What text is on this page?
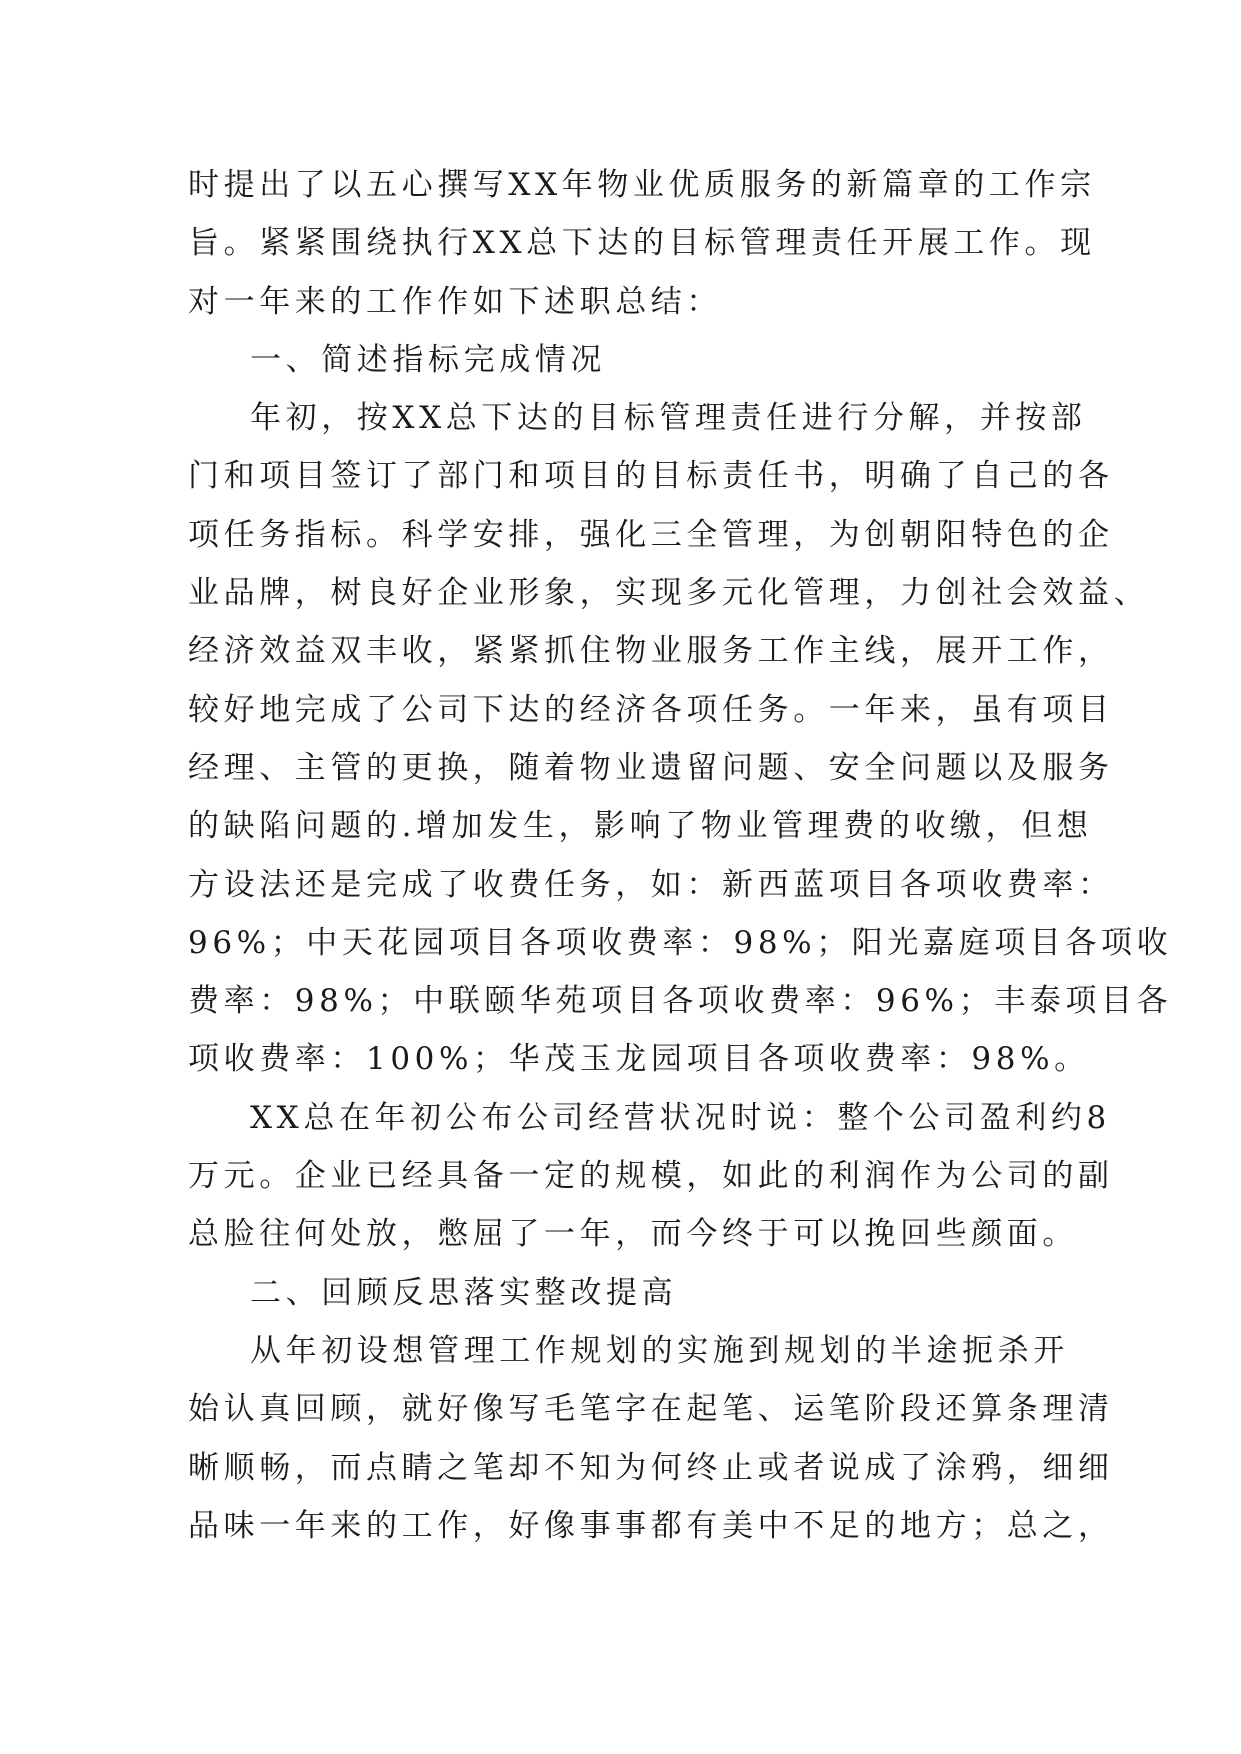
时提出了以五心撰写XX年物业优质服务的新篇章的工作宗
旨。紧紧围绕执行XX总下达的目标管理责任开展工作。现
对一年来的工作作如下述职总结：
一、简述指标完成情况
年初，按XX总下达的目标管理责任进行分解，并按部
门和项目签订了部门和项目的目标责任书，明确了自己的各
项任务指标。科学安排，强化三全管理，为创朝阳特色的企
业品牌，树良好企业形象，实现多元化管理，力创社会效益、
经济效益双丰收，紧紧抓住物业服务工作主线，展开工作，
较好地完成了公司下达的经济各项任务。一年来，虽有项目
经理、主管的更换，随着物业遗留问题、安全问题以及服务
的缺陷问题的.增加发生，影响了物业管理费的收缴，但想
方设法还是完成了收费任务，如：新西蓝项目各项收费率：
96%；中天花园项目各项收费率：98%；阳光嘉庭项目各项收
费率：98%；中联颐华苑项目各项收费率：96%；丰泰项目各
项收费率：100%；华茂玉龙园项目各项收费率：98%。
XX总在年初公布公司经营状况时说：整个公司盈利约8
万元。企业已经具备一定的规模，如此的利润作为公司的副
总脸往何处放，憋屈了一年，而今终于可以挽回些颜面。
二、回顾反思落实整改提高
从年初设想管理工作规划的实施到规划的半途扼杀开
始认真回顾，就好像写毛笔字在起笔、运笔阶段还算条理清
晰顺畅，而点睛之笔却不知为何终止或者说成了涂鸦，细细
品味一年来的工作，好像事事都有美中不足的地方；总之，
